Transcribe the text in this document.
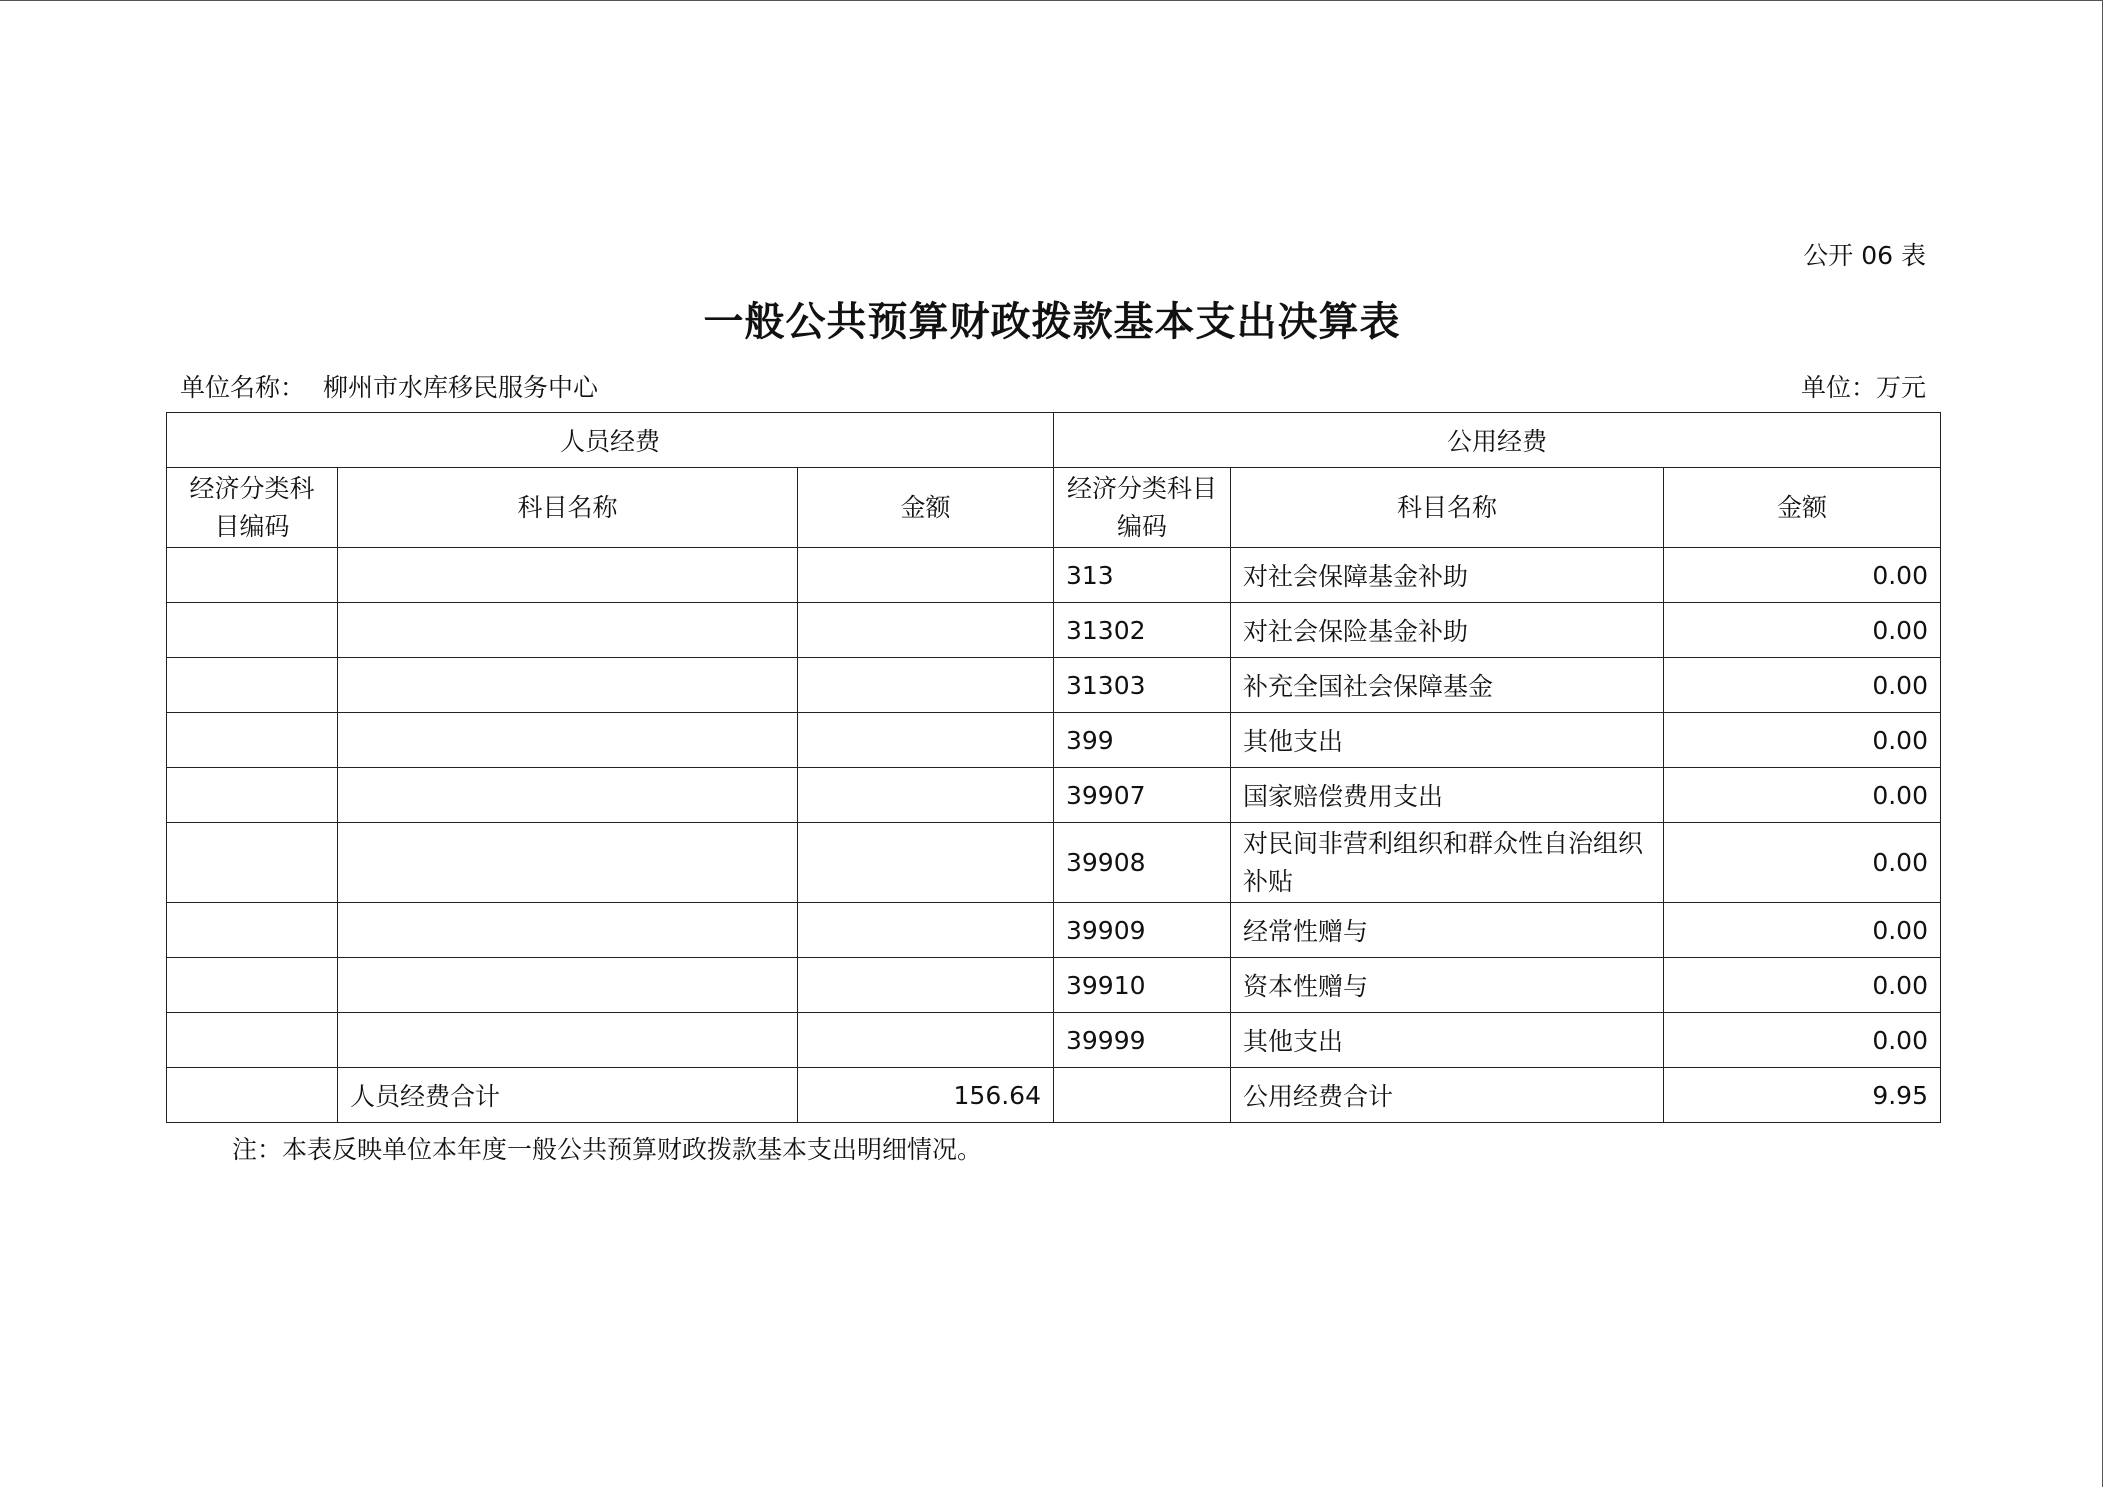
公开 06 表
一般公共预算财政拨款基本支出决算表
单位名称： 柳州市水库移民服务中心	单位：万元
人员经费			公用经费		
经济分类科目编码	科目名称	金额	经济分类科目编码	科目名称	金额
			313	对社会保障基金补助	0.00
			31302	对社会保险基金补助	0.00
			31303	补充全国社会保障基金	0.00
			399	其他支出	0.00
			39907	国家赔偿费用支出	0.00
			39908	对民间非营利组织和群众性自治组织补贴	0.00
			39909	经常性赠与	0.00
			39910	资本性赠与	0.00
			39999	其他支出	0.00
	人员经费合计	156.64		公用经费合计	9.95
注：本表反映单位本年度一般公共预算财政拨款基本支出明细情况。
